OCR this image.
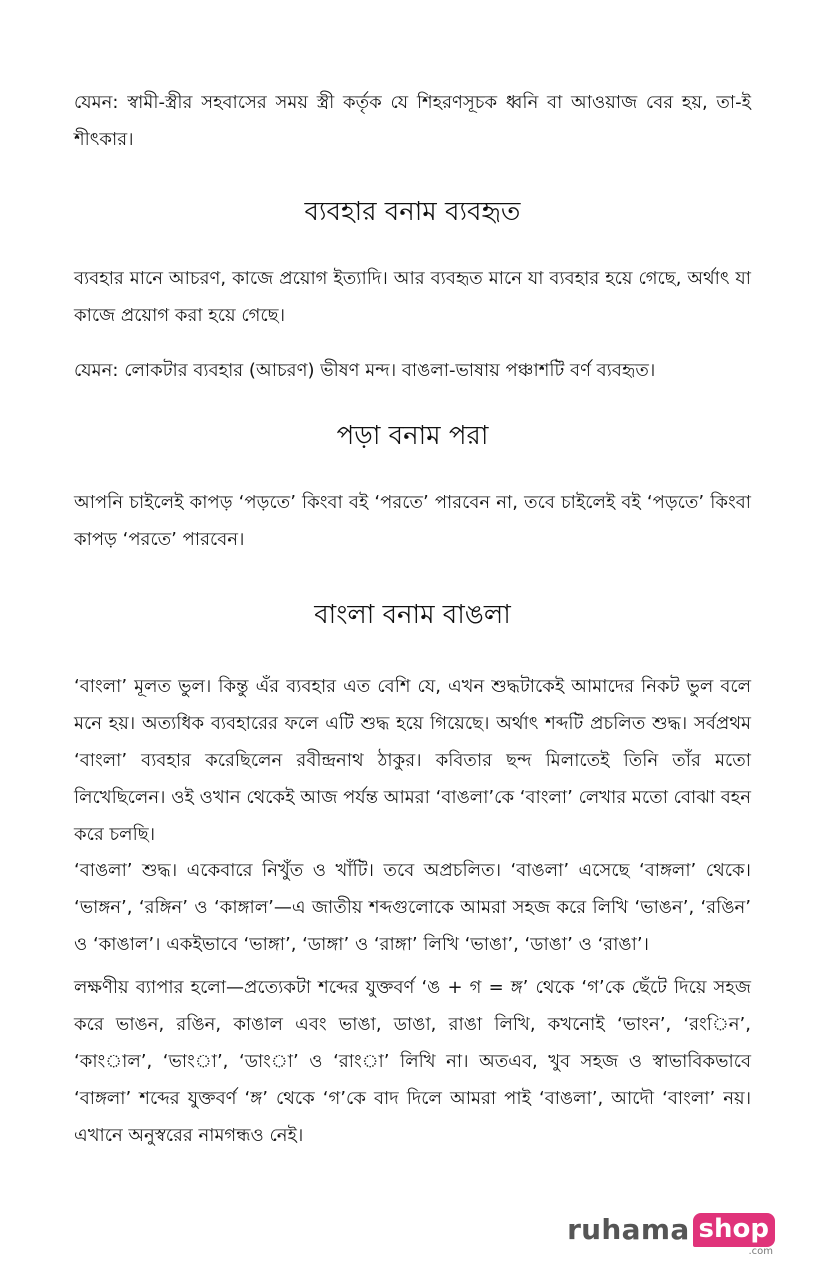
যেমন: স্বামী-স্ত্রীর সহবাসের সময় স্ত্রী কর্তৃক যে শিহরণসূচক ধ্বনি বা আওয়াজ বের হয়, তা-ই শীৎকার।

ব্যবহার বনাম ব্যবহৃত

ব্যবহার মানে আচরণ, কাজে প্রয়োগ ইত্যাদি। আর ব্যবহৃত মানে যা ব্যবহার হয়ে গেছে, অর্থাৎ যা কাজে প্রয়োগ করা হয়ে গেছে।

যেমন: লোকটার ব্যবহার (আচরণ) ভীষণ মন্দ। বাঙলা-ভাষায় পঞ্চাশটি বর্ণ ব্যবহৃত।

পড়া বনাম পরা

আপনি চাইলেই কাপড় ‘পড়তে’ কিংবা বই ‘পরতে’ পারবেন না, তবে চাইলেই বই ‘পড়তে’ কিংবা কাপড় ‘পরতে’ পারবেন।

বাংলা বনাম বাঙলা

‘বাংলা’ মূলত ভুল। কিন্তু এঁর ব্যবহার এত বেশি যে, এখন শুদ্ধটাকেই আমাদের নিকট ভুল বলে মনে হয়। অত্যধিক ব্যবহারের ফলে এটি শুদ্ধ হয়ে গিয়েছে। অর্থাৎ শব্দটি প্রচলিত শুদ্ধ। সর্বপ্রথম ‘বাংলা’ ব্যবহার করেছিলেন রবীন্দ্রনাথ ঠাকুর। কবিতার ছন্দ মিলাতেই তিনি তাঁর মতো লিখেছিলেন। ওই ওখান থেকেই আজ পর্যন্ত আমরা ‘বাঙলা’কে ‘বাংলা’ লেখার মতো বোঝা বহন করে চলছি।

‘বাঙলা’ শুদ্ধ। একেবারে নিখুঁত ও খাঁটি। তবে অপ্রচলিত। ‘বাঙলা’ এসেছে ‘বাঙ্গলা’ থেকে। ‘ভাঙ্গন’, ‘রঙ্গিন’ ও ‘কাঙ্গাল’—এ জাতীয় শব্দগুলোকে আমরা সহজ করে লিখি ‘ভাঙন’, ‘রঙিন’ ও ‘কাঙাল’। একইভাবে ‘ভাঙ্গা’, ‘ডাঙ্গা’ ও ‘রাঙ্গা’ লিখি ‘ভাঙা’, ‘ডাঙা’ ও ‘রাঙা’।

লক্ষণীয় ব্যাপার হলো—প্রত্যেকটা শব্দের যুক্তবর্ণ ‘ঙ + গ = ঙ্গ’ থেকে ‘গ’কে ছেঁটে দিয়ে সহজ করে ভাঙন, রঙিন, কাঙাল এবং ভাঙা, ডাঙা, রাঙা লিখি, কখনোই ‘ভাংন’, ‘রংিন’, ‘কাংাল’, ‘ভাংা’, ‘ডাংা’ ও ‘রাংা’ লিখি না। অতএব, খুব সহজ ও স্বাভাবিকভাবে ‘বাঙ্গলা’ শব্দের যুক্তবর্ণ ‘ঙ্গ’ থেকে ‘গ’কে বাদ দিলে আমরা পাই ‘বাঙলা’, আদৌ ‘বাংলা’ নয়। এখানে অনুস্বরের নামগন্ধও নেই।

ruhama shop
.com
